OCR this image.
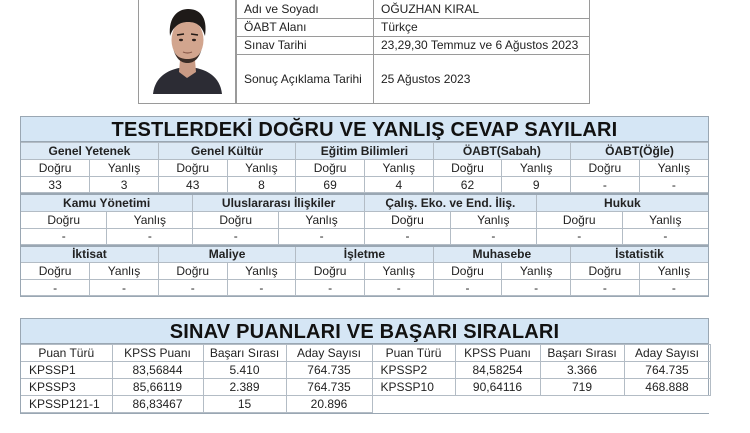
Adı ve Soyadı	OĞUZHAN KIRAL
ÖABT Alanı	Türkçe
Sınav Tarihi	23,29,30 Temmuz ve 6 Ağustos 2023
Sonuç Açıklama Tarihi	25 Ağustos 2023
TESTLERDEKİ DOĞRU VE YANLIŞ CEVAP SAYILARI
Genel Yetenek		Genel Kültür		Eğitim Bilimleri		ÖABT(Sabah)		ÖABT(Öğle)	
Doğru	Yanlış	Doğru	Yanlış	Doğru	Yanlış	Doğru	Yanlış	Doğru	Yanlış
33	3	43	8	69	4	62	9	-	-
Kamu Yönetimi		Uluslararası İlişkiler		Çalış. Eko. ve End. İliş.		Hukuk	
Doğru	Yanlış	Doğru	Yanlış	Doğru	Yanlış	Doğru	Yanlış
-	-	-	-	-	-	-	-
İktisat		Maliye		İşletme		Muhasebe		İstatistik	
Doğru	Yanlış	Doğru	Yanlış	Doğru	Yanlış	Doğru	Yanlış	Doğru	Yanlış
-	-	-	-	-	-	-	-	-	-
SINAV PUANLARI VE BAŞARI SIRALARI
Puan Türü	KPSS Puanı	Başarı Sırası	Aday Sayısı	Puan Türü	KPSS Puanı	Başarı Sırası	Aday Sayısı
KPSSP1	83,56844	5.410	764.735	KPSSP2	84,58254	3.366	764.735
KPSSP3	85,66119	2.389	764.735	KPSSP10	90,64116	719	468.888
KPSSP121-1	86,83467	15	20.896				
